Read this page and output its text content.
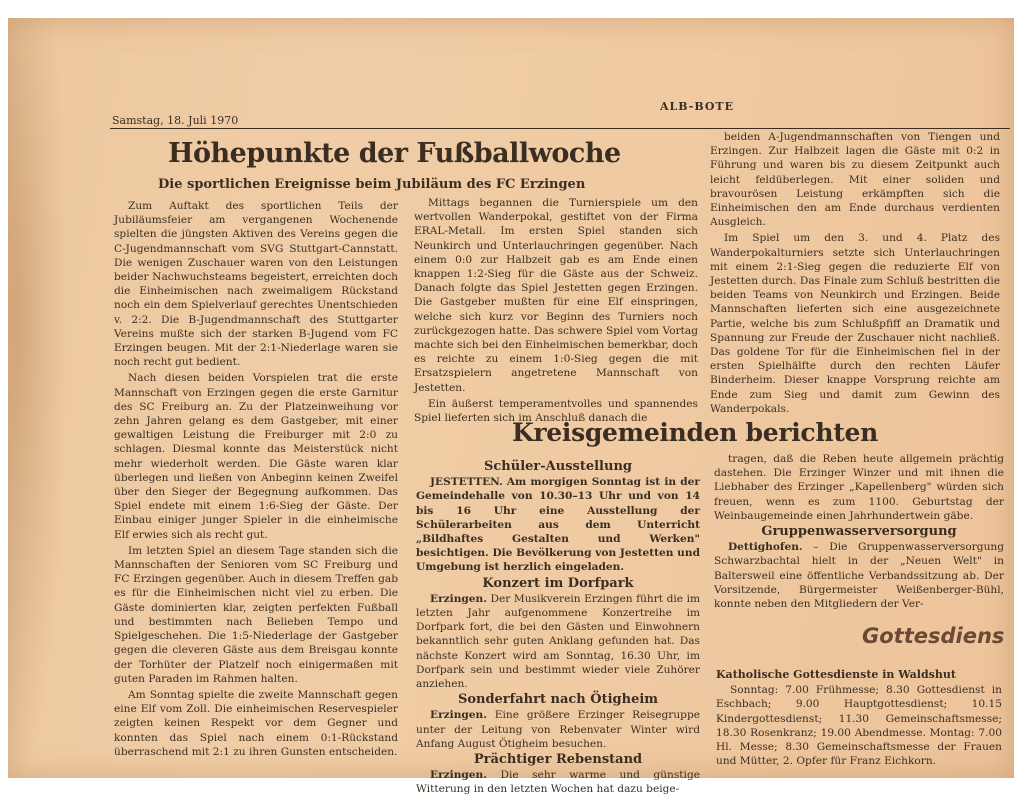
Samstag, 18. Juli 1970
ALB-BOTE
Höhepunkte der Fußballwoche
Die sportlichen Ereignisse beim Jubiläum des FC Erzingen

Zum Auftakt des sportlichen Teils der Jubiläumsfeier am vergangenen Wochenende spielten die jüngsten Aktiven des Vereins gegen die C-Jugendmannschaft vom SVG Stuttgart-Cannstatt. Die wenigen Zuschauer waren von den Leistungen beider Nachwuchsteams begeistert, erreichten doch die Einheimischen nach zweimaligem Rückstand noch ein dem Spielverlauf gerechtes Unentschieden v. 2:2. Die B-Jugendmannschaft des Stuttgarter Vereins mußte sich der starken B-Jugend vom FC Erzingen beugen. Mit der 2:1-Niederlage waren sie noch recht gut bedient.

Nach diesen beiden Vorspielen trat die erste Mannschaft von Erzingen gegen die erste Garnitur des SC Freiburg an. Zu der Platzeinweihung vor zehn Jahren gelang es dem Gastgeber, mit einer gewaltigen Leistung die Freiburger mit 2:0 zu schlagen. Diesmal konnte das Meisterstück nicht mehr wiederholt werden. Die Gäste waren klar überlegen und ließen von Anbeginn keinen Zweifel über den Sieger der Begegnung aufkommen. Das Spiel endete mit einem 1:6-Sieg der Gäste. Der Einbau einiger junger Spieler in die einheimische Elf erwies sich als recht gut.

Im letzten Spiel an diesem Tage standen sich die Mannschaften der Senioren vom SC Freiburg und FC Erzingen gegenüber. Auch in diesem Treffen gab es für die Einheimischen nicht viel zu erben. Die Gäste dominierten klar, zeigten perfekten Fußball und bestimmten nach Belieben Tempo und Spielgeschehen. Die 1:5-Niederlage der Gastgeber gegen die cleveren Gäste aus dem Breisgau konnte der Torhüter der Platzelf noch einigermaßen mit guten Paraden im Rahmen halten.

Am Sonntag spielte die zweite Mannschaft gegen eine Elf vom Zoll. Die einheimischen Reservespieler zeigten keinen Respekt vor dem Gegner und konnten das Spiel nach einem 0:1-Rückstand überraschend mit 2:1 zu ihren Gunsten entscheiden.

Mittags begannen die Turnierspiele um den wertvollen Wanderpokal, gestiftet von der Firma ERAL-Metall. Im ersten Spiel standen sich Neunkirch und Unterlauchringen gegenüber. Nach einem 0:0 zur Halbzeit gab es am Ende einen knappen 1:2-Sieg für die Gäste aus der Schweiz. Danach folgte das Spiel Jestetten gegen Erzingen. Die Gastgeber mußten für eine Elf einspringen, welche sich kurz vor Beginn des Turniers noch zurückgezogen hatte. Das schwere Spiel vom Vortag machte sich bei den Einheimischen bemerkbar, doch es reichte zu einem 1:0-Sieg gegen die mit Ersatzspielern angetretene Mannschaft von Jestetten.

Ein äußerst temperamentvolles und spannendes Spiel lieferten sich im Anschluß danach die

beiden A-Jugendmannschaften von Tiengen und Erzingen. Zur Halbzeit lagen die Gäste mit 0:2 in Führung und waren bis zu diesem Zeitpunkt auch leicht feldüberlegen. Mit einer soliden und bravourösen Leistung erkämpften sich die Einheimischen den am Ende durchaus verdienten Ausgleich.

Im Spiel um den 3. und 4. Platz des Wanderpokalturniers setzte sich Unterlauchringen mit einem 2:1-Sieg gegen die reduzierte Elf von Jestetten durch. Das Finale zum Schluß bestritten die beiden Teams von Neunkirch und Erzingen. Beide Mannschaften lieferten sich eine ausgezeichnete Partie, welche bis zum Schlußpfiff an Dramatik und Spannung zur Freude der Zuschauer nicht nachließ. Das goldene Tor für die Einheimischen fiel in der ersten Spielhälfte durch den rechten Läufer Binderheim. Dieser knappe Vorsprung reichte am Ende zum Sieg und damit zum Gewinn des Wanderpokals.

Kreisgemeinden berichten
Schüler-Ausstellung

JESTETTEN. Am morgigen Sonntag ist in der Gemeindehalle von 10.30–13 Uhr und von 14 bis 16 Uhr eine Ausstellung der Schülerarbeiten aus dem Unterricht „Bildhaftes Gestalten und Werken" besichtigen. Die Bevölkerung von Jestetten und Umgebung ist herzlich eingeladen.

Konzert im Dorfpark

Erzingen. Der Musikverein Erzingen führt die im letzten Jahr aufgenommene Konzertreihe im Dorfpark fort, die bei den Gästen und Einwohnern bekanntlich sehr guten Anklang gefunden hat. Das nächste Konzert wird am Sonntag, 16.30 Uhr, im Dorfpark sein und bestimmt wieder viele Zuhörer anziehen.

Sonderfahrt nach Ötigheim

Erzingen. Eine größere Erzinger Reisegruppe unter der Leitung von Rebenvater Winter wird Anfang August Ötigheim besuchen.

Prächtiger Rebenstand

Erzingen. Die sehr warme und günstige Witterung in den letzten Wochen hat dazu beige-

tragen, daß die Reben heute allgemein prächtig dastehen. Die Erzinger Winzer und mit ihnen die Liebhaber des Erzinger „Kapellenberg" würden sich freuen, wenn es zum 1100. Geburtstag der Weinbaugemeinde einen Jahrhundertwein gäbe.

Gruppenwasserversorgung

Dettighofen. – Die Gruppenwasserversorgung Schwarzbachtal hielt in der „Neuen Welt" in Baltersweil eine öffentliche Verbandssitzung ab. Der Vorsitzende, Bürgermeister Weißenberger-Bühl, konnte neben den Mitgliedern der Ver-

Gottesdiens
Katholische Gottesdienste in Waldshut

Sonntag: 7.00 Frühmesse; 8.30 Gottesdienst in Eschbach; 9.00 Hauptgottesdienst; 10.15 Kindergottesdienst; 11.30 Gemeinschaftsmesse; 18.30 Rosenkranz; 19.00 Abendmesse. Montag: 7.00 Hl. Messe; 8.30 Gemeinschaftsmesse der Frauen und Mütter, 2. Opfer für Franz Eichkorn.
